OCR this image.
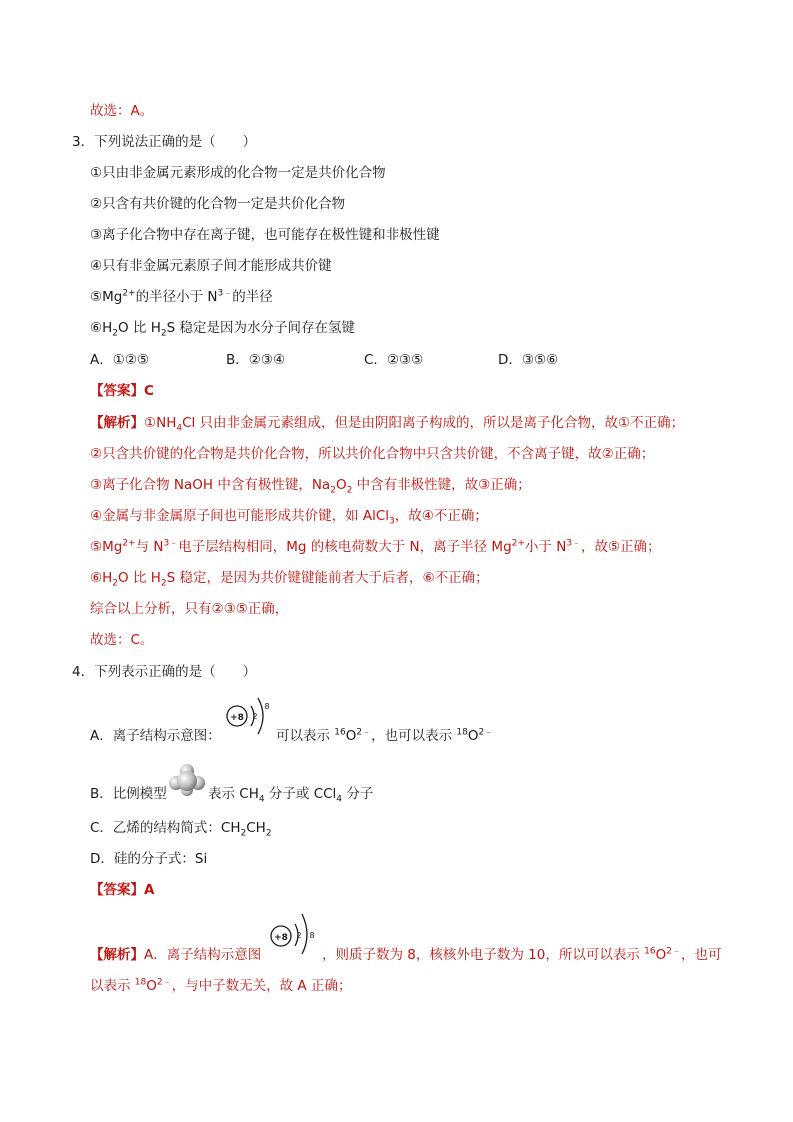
故选：A。
3．下列说法正确的是（　　）
①只由非金属元素形成的化合物一定是共价化合物
②只含有共价键的化合物一定是共价化合物
③离子化合物中存在离子键，也可能存在极性键和非极性键
④只有非金属元素原子间才能形成共价键
$⑤Mg^{2+}$的半径小于 $N^{3﹣}$的半径
$⑥H_2O$ 比 $H_2S$ 稳定是因为水分子间存在氢键
A．①②⑤	B．②③④	C．②③⑤	D．③⑤⑥
【答案】C
【解析】$①NH_4Cl$ 只由非金属元素组成，但是由阴阳离子构成的，所以是离子化合物，故①不正确；
②只含共价键的化合物是共价化合物，所以共价化合物中只含共价键，不含离子键，故②正确；
③离子化合物 NaOH 中含有极性键，$Na_2O_2$ 中含有非极性键，故③正确；
④金属与非金属原子间也可能形成共价键，如 AlCl$_3$，故④不正确；
$⑤Mg^{2+}$与 $N^{3﹣}$电子层结构相同，Mg 的核电荷数大于 N，离子半径 $Mg^{2+}$小于 $N^{3﹣}$，故⑤正确；
$⑥H_2O$ 比 $H_2S$ 稳定，是因为共价键键能前者大于后者，⑥不正确；
综合以上分析，只有②③⑤正确，
故选：C。
4．下列表示正确的是（　　）
A．离子结构示意图：
+8 2
8
可以表示 $^{16}O^{2﹣}$，也可以表示 $^{18}O^{2﹣}$
B．比例模型	表示 $CH_4$ 分子或 CCl$_4$ 分子
C．乙烯的结构简式：$CH_2CH_2$
D．硅的分子式：Si
【答案】A
【解析】A．离子结构示意图
+8 2 8
，则质子数为 8，核核外电子数为 10，所以可以表示 $^{16}O^{2﹣}$，也可
以表示 $^{18}O^{2﹣}$，与中子数无关，故 A 正确；
